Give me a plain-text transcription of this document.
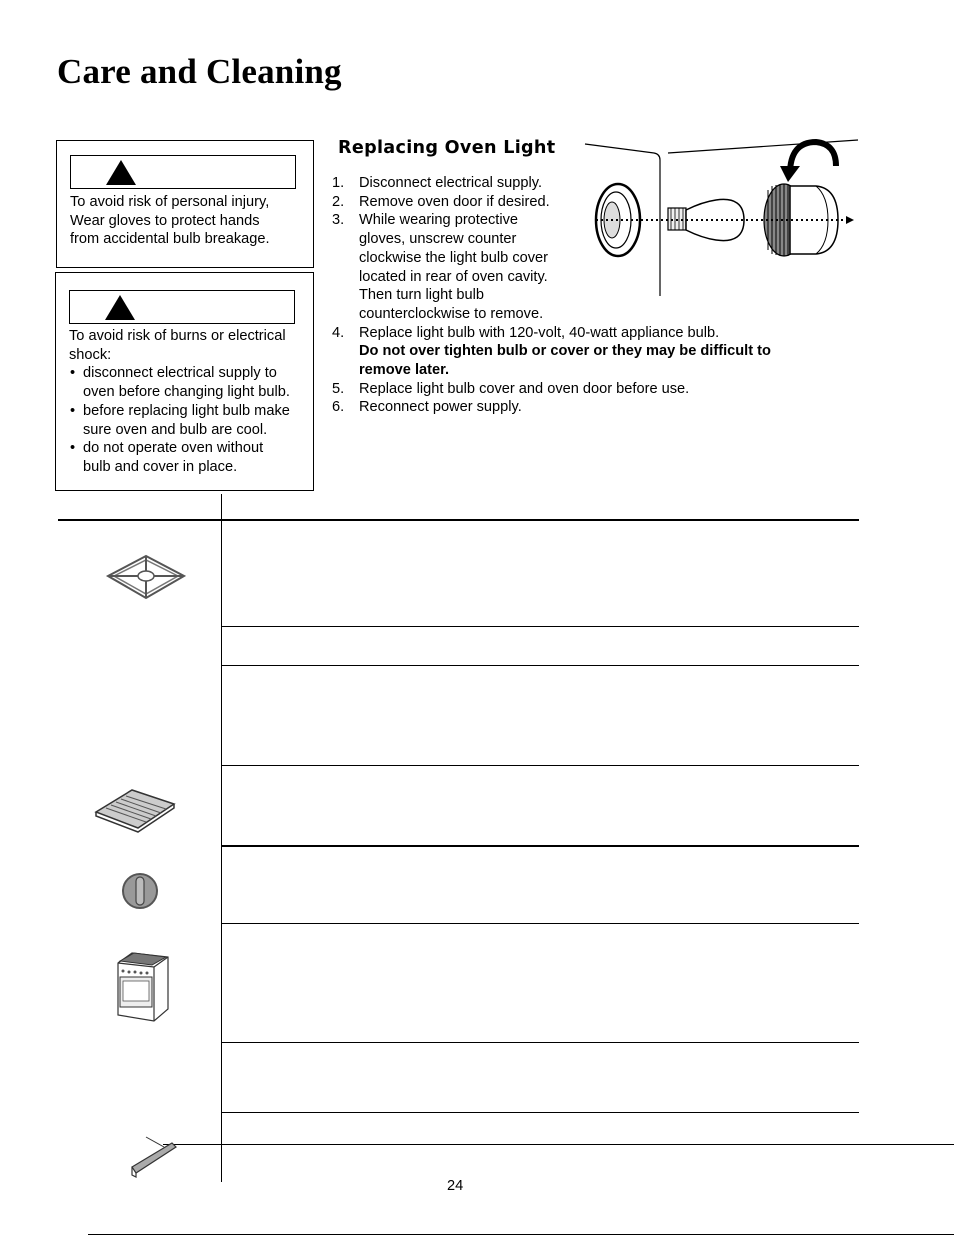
Care and Cleaning
To avoid risk of personal injury,
Wear gloves to protect hands
from accidental bulb breakage.
To avoid risk of burns or electrical
shock:
• disconnect electrical supply to
oven before changing light bulb.
• before replacing light bulb make
sure oven and bulb are cool.
• do not operate oven without
bulb and cover in place.
Replacing Oven Light
1. Disconnect electrical supply.
2. Remove oven door if desired.
3. While wearing protective
gloves, unscrew counter
clockwise the light bulb cover
located in rear of oven cavity.
Then turn light bulb
counterclockwise to remove.
4. Replace light bulb with 120-volt, 40-watt appliance bulb.
Do not over tighten bulb or cover or they may be difficult to
remove later.
5. Replace light bulb cover and oven door before use.
6. Reconnect power supply.
24
